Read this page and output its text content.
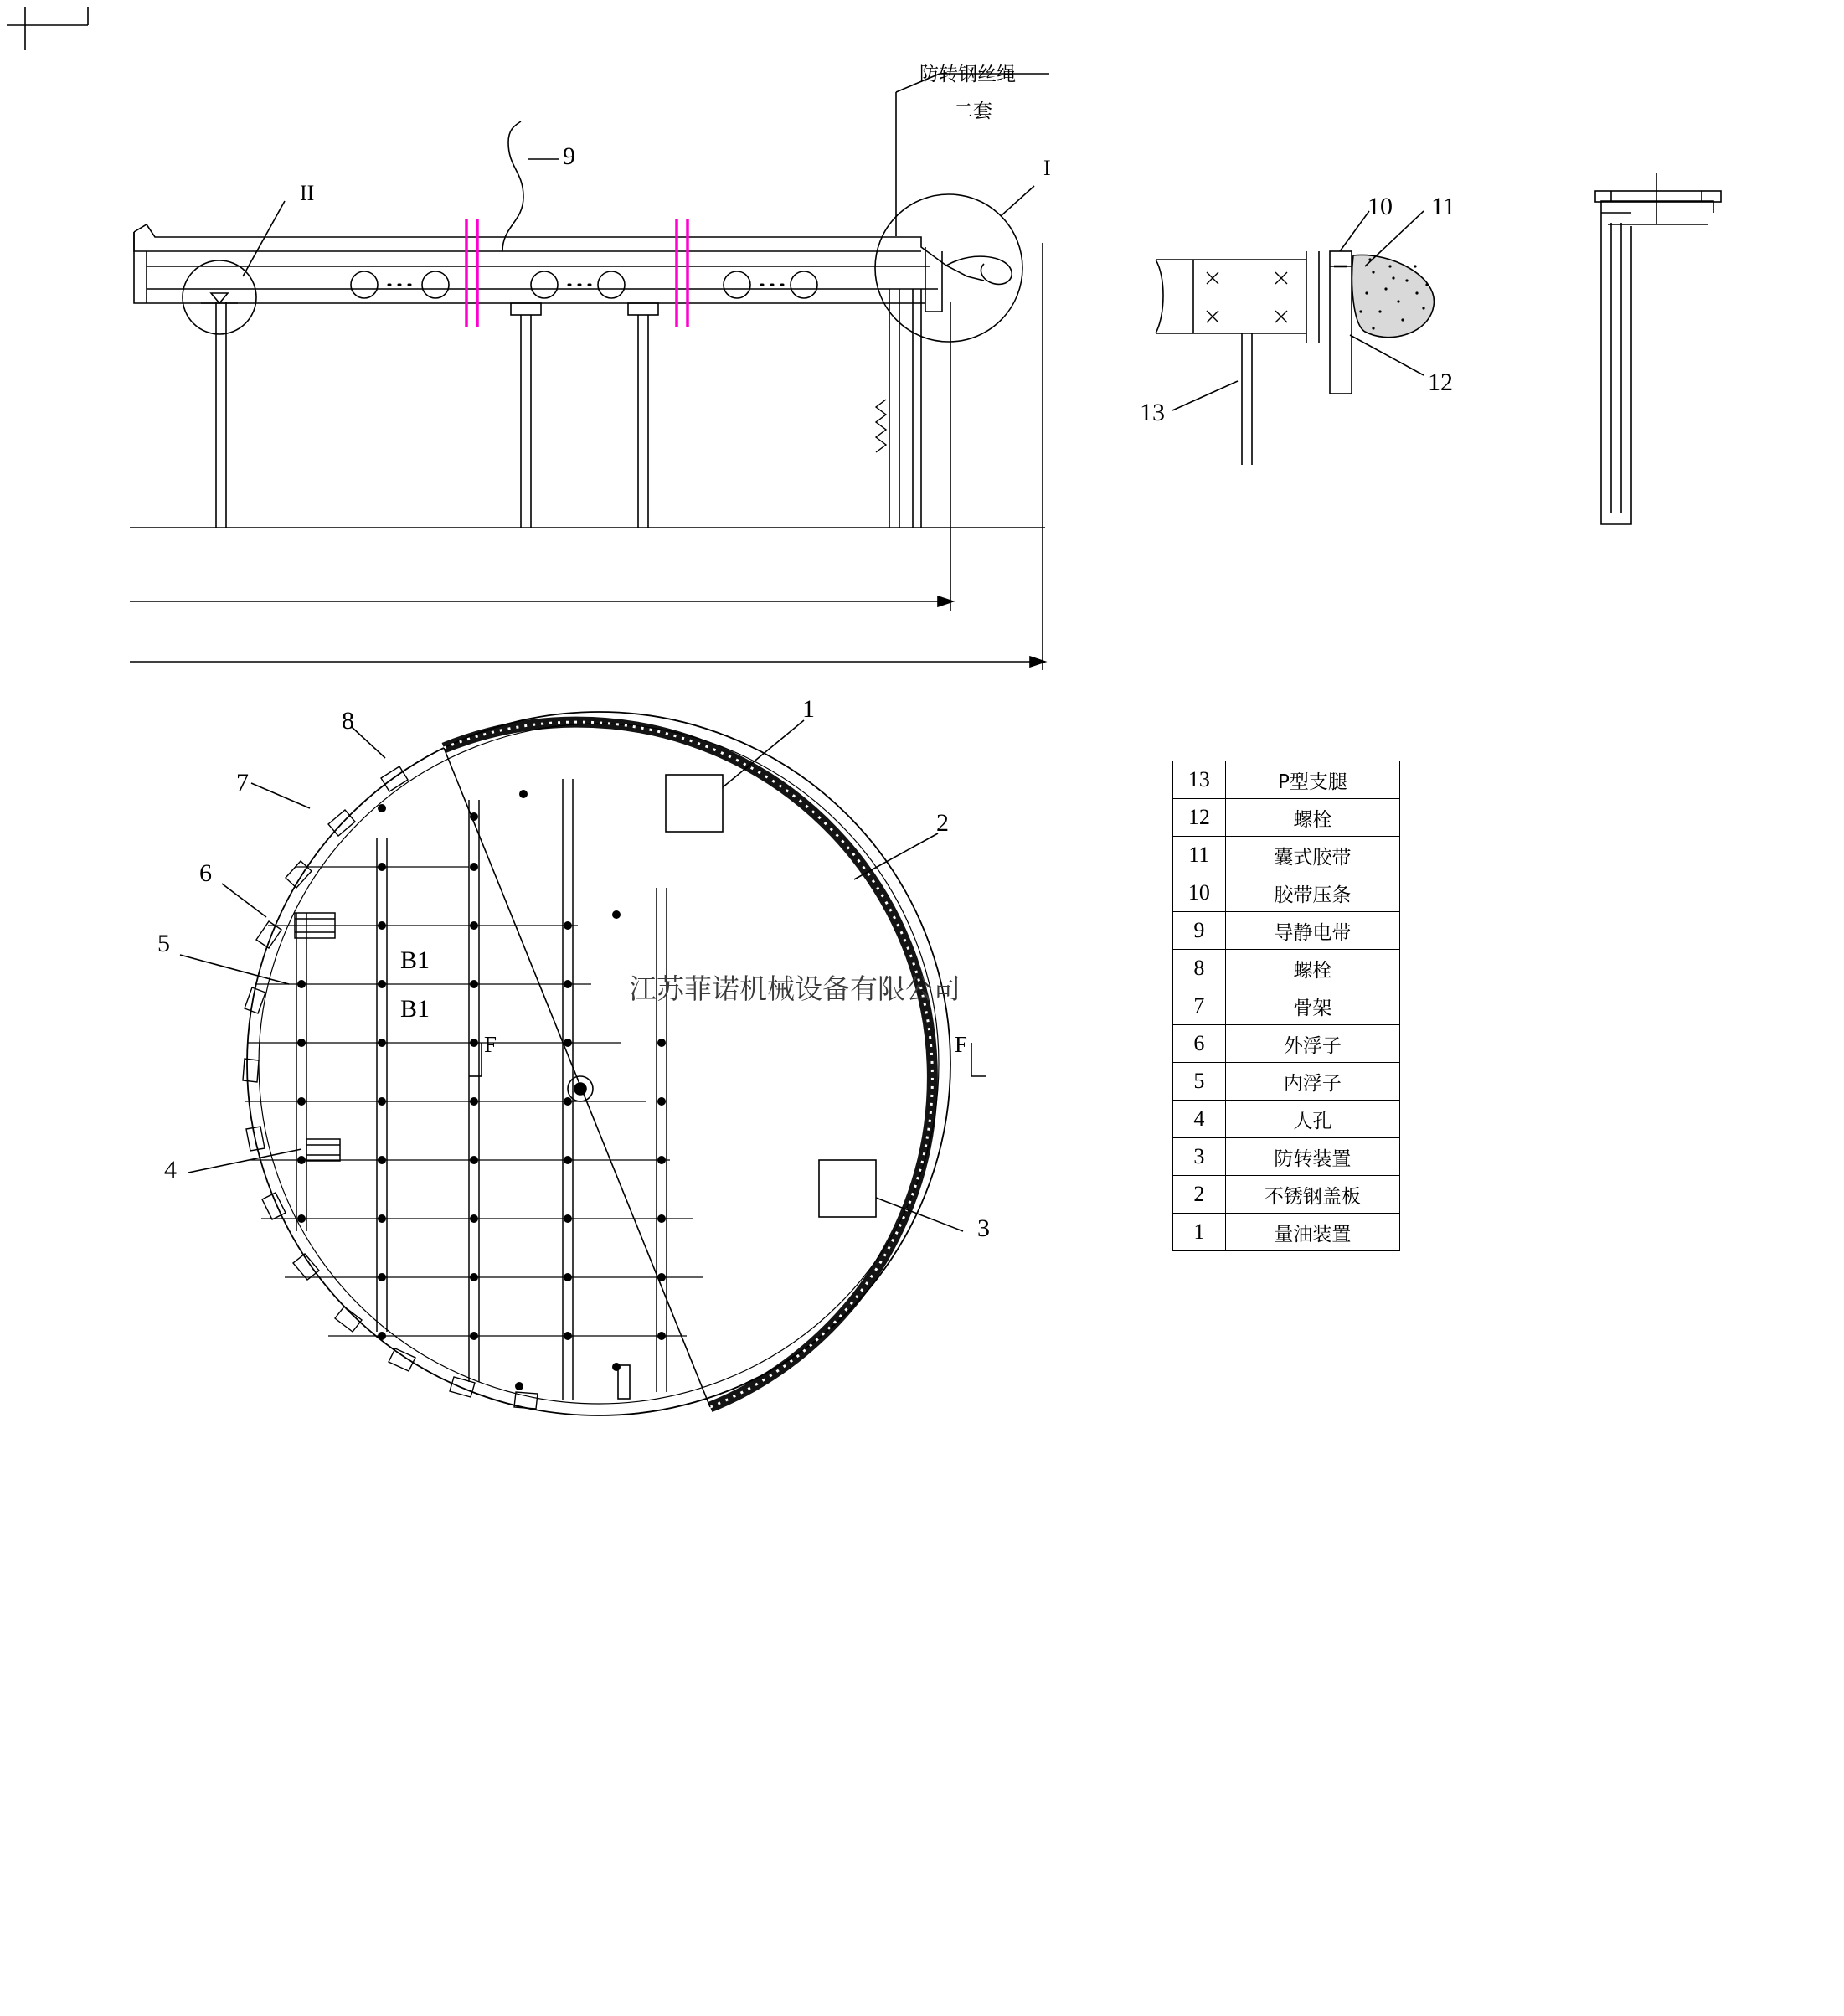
防转钢丝绳
二套
I
II
9
10 11
12
13
1
2
3
4
5
6
7
8
B1
B1
F	F
江苏菲诺机械设备有限公司
13	P型支腿
12	螺栓
11	囊式胶带
10	胶带压条
9	导静电带
8	螺栓
7	骨架
6	外浮子
5	内浮子
4	人孔
3	防转装置
2	不锈钢盖板
1	量油装置
